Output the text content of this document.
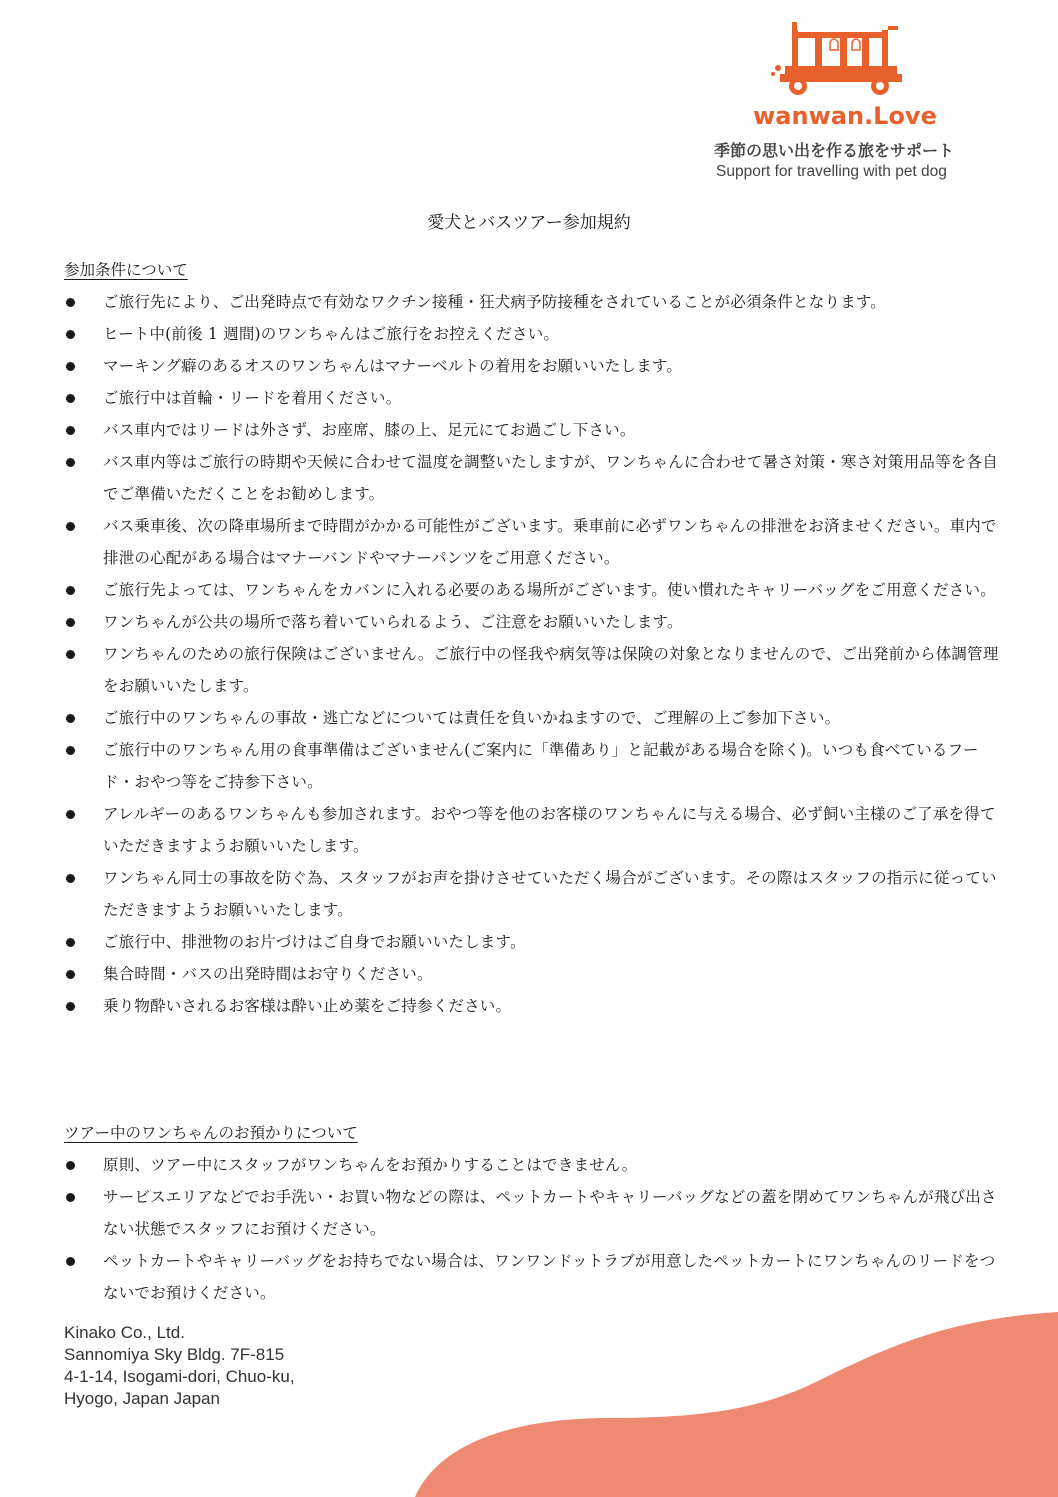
wanwan.Love
季節の思い出を作る旅をサポート
Support for travelling with pet dog
愛犬とバスツアー参加規約
参加条件について
ご旅行先により、ご出発時点で有効なワクチン接種・狂犬病予防接種をされていることが必須条件となります。
ヒート中(前後 1 週間)のワンちゃんはご旅行をお控えください。
マーキング癖のあるオスのワンちゃんはマナーベルトの着用をお願いいたします。
ご旅行中は首輪・リードを着用ください。
バス車内ではリードは外さず、お座席、膝の上、足元にてお過ごし下さい。
バス車内等はご旅行の時期や天候に合わせて温度を調整いたしますが、ワンちゃんに合わせて暑さ対策・寒さ対策用品等を各自でご準備いただくことをお勧めします。
バス乗車後、次の降車場所まで時間がかかる可能性がございます。乗車前に必ずワンちゃんの排泄をお済ませください。車内で排泄の心配がある場合はマナーバンドやマナーパンツをご用意ください。
ご旅行先よっては、ワンちゃんをカバンに入れる必要のある場所がございます。使い慣れたキャリーバッグをご用意ください。
ワンちゃんが公共の場所で落ち着いていられるよう、ご注意をお願いいたします。
ワンちゃんのための旅行保険はございません。ご旅行中の怪我や病気等は保険の対象となりませんので、ご出発前から体調管理をお願いいたします。
ご旅行中のワンちゃんの事故・逃亡などについては責任を負いかねますので、ご理解の上ご参加下さい。
ご旅行中のワンちゃん用の食事準備はございません(ご案内に「準備あり」と記載がある場合を除く)。いつも食べているフード・おやつ等をご持参下さい。
アレルギーのあるワンちゃんも参加されます。おやつ等を他のお客様のワンちゃんに与える場合、必ず飼い主様のご了承を得ていただきますようお願いいたします。
ワンちゃん同士の事故を防ぐ為、スタッフがお声を掛けさせていただく場合がございます。その際はスタッフの指示に従っていただきますようお願いいたします。
ご旅行中、排泄物のお片づけはご自身でお願いいたします。
集合時間・バスの出発時間はお守りください。
乗り物酔いされるお客様は酔い止め薬をご持参ください。
ツアー中のワンちゃんのお預かりについて
原則、ツアー中にスタッフがワンちゃんをお預かりすることはできません。
サービスエリアなどでお手洗い・お買い物などの際は、ペットカートやキャリーバッグなどの蓋を閉めてワンちゃんが飛び出さない状態でスタッフにお預けください。
ペットカートやキャリーバッグをお持ちでない場合は、ワンワンドットラブが用意したペットカートにワンちゃんのリードをつないでお預けください。
Kinako Co., Ltd.
Sannomiya Sky Bldg. 7F-815
4-1-14, Isogami-dori, Chuo-ku,
Hyogo, Japan Japan
